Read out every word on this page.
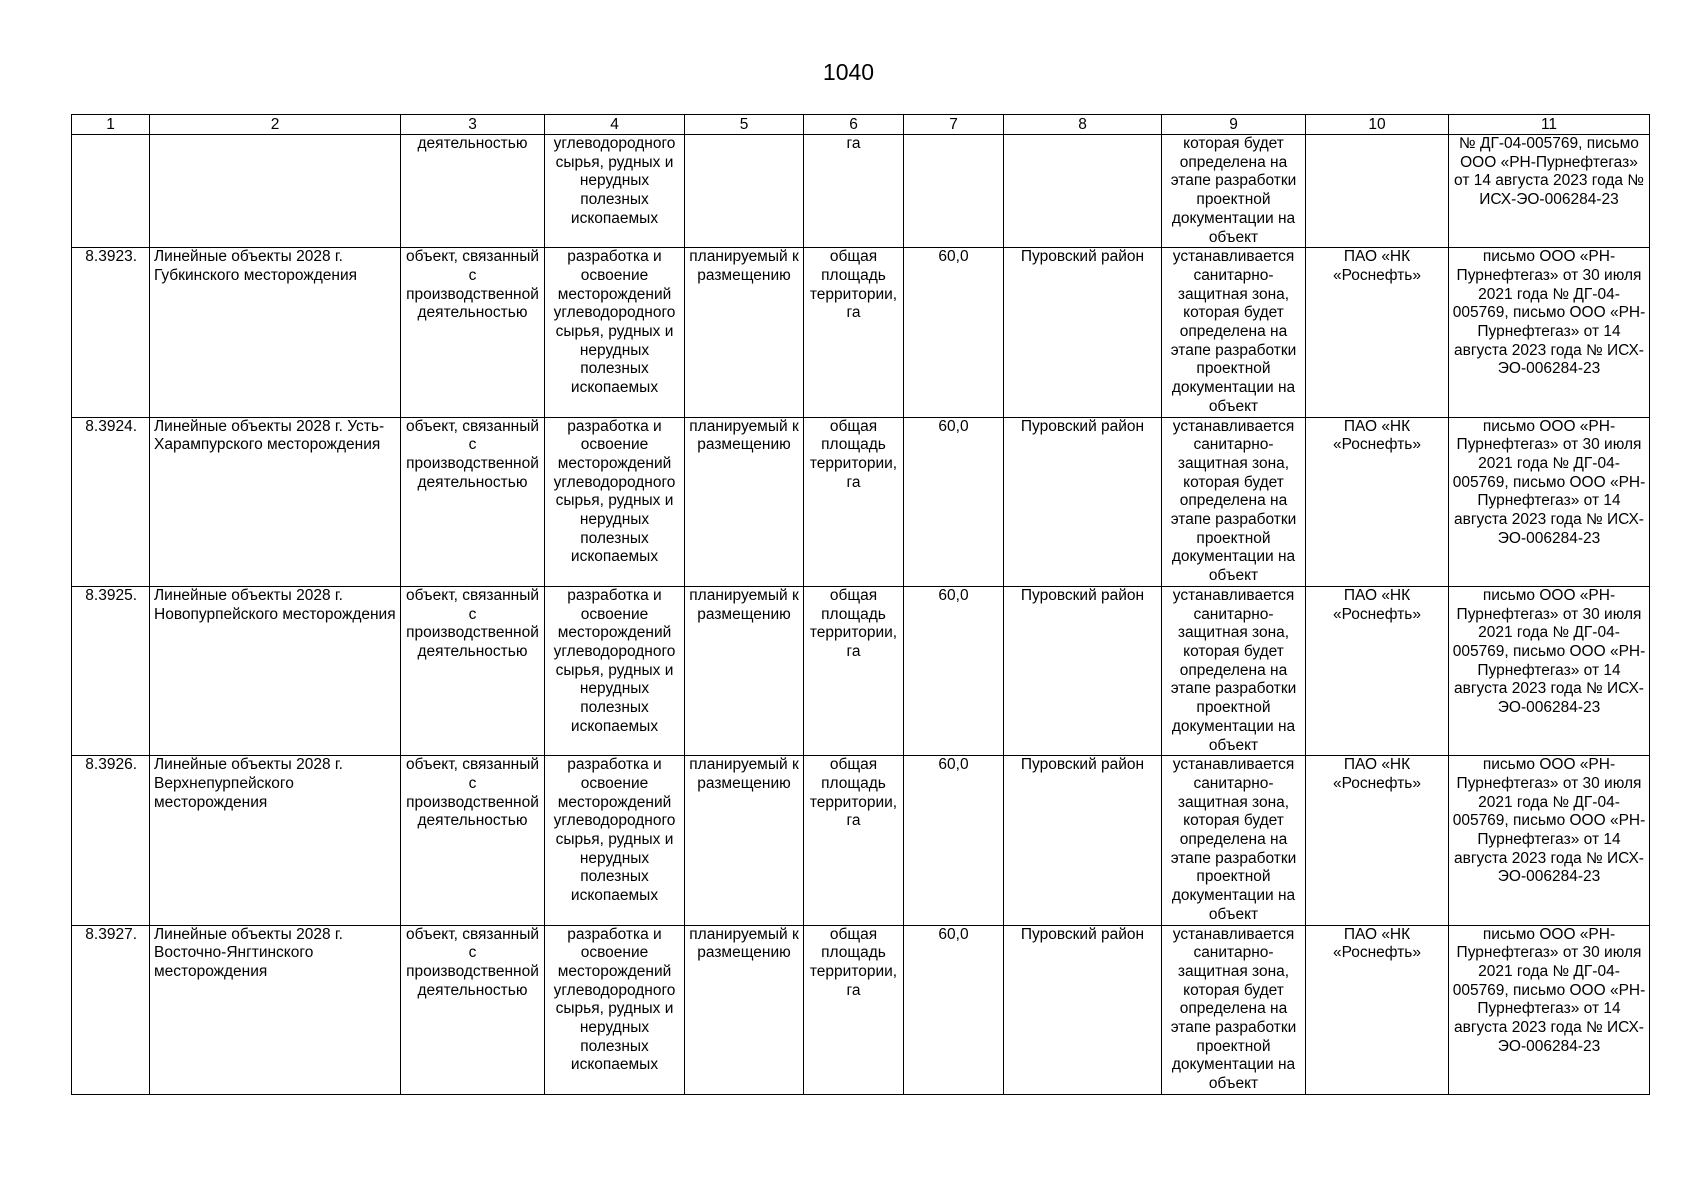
1040
1	2	3	4	5	6	7	8	9	10	11
		деятельностью	углеводородного сырья, рудных и нерудных полезных ископаемых		га			которая будет определена на этапе разработки проектной документации на объект		№ ДГ-04-005769, письмо ООО «РН-Пурнефтегаз» от 14 августа 2023 года № ИСХ-ЭО-006284-23
8.3923.	Линейные объекты 2028 г. Губкинского месторождения	объект, связанный с производственной деятельностью	разработка и освоение месторождений углеводородного сырья, рудных и нерудных полезных ископаемых	планируемый к размещению	общая площадь территории, га	60,0	Пуровский район	устанавливается санитарно-защитная зона, которая будет определена на этапе разработки проектной документации на объект	ПАО «НК «Роснефть»	письмо ООО «РН-Пурнефтегаз» от 30 июля 2021 года № ДГ-04-005769, письмо ООО «РН-Пурнефтегаз» от 14 августа 2023 года № ИСХ-ЭО-006284-23
8.3924.	Линейные объекты 2028 г. Усть-Харампурского месторождения	объект, связанный с производственной деятельностью	разработка и освоение месторождений углеводородного сырья, рудных и нерудных полезных ископаемых	планируемый к размещению	общая площадь территории, га	60,0	Пуровский район	устанавливается санитарно-защитная зона, которая будет определена на этапе разработки проектной документации на объект	ПАО «НК «Роснефть»	письмо ООО «РН-Пурнефтегаз» от 30 июля 2021 года № ДГ-04-005769, письмо ООО «РН-Пурнефтегаз» от 14 августа 2023 года № ИСХ-ЭО-006284-23
8.3925.	Линейные объекты 2028 г. Новопурпейского месторождения	объект, связанный с производственной деятельностью	разработка и освоение месторождений углеводородного сырья, рудных и нерудных полезных ископаемых	планируемый к размещению	общая площадь территории, га	60,0	Пуровский район	устанавливается санитарно-защитная зона, которая будет определена на этапе разработки проектной документации на объект	ПАО «НК «Роснефть»	письмо ООО «РН-Пурнефтегаз» от 30 июля 2021 года № ДГ-04-005769, письмо ООО «РН-Пурнефтегаз» от 14 августа 2023 года № ИСХ-ЭО-006284-23
8.3926.	Линейные объекты 2028 г. Верхнепурпейского месторождения	объект, связанный с производственной деятельностью	разработка и освоение месторождений углеводородного сырья, рудных и нерудных полезных ископаемых	планируемый к размещению	общая площадь территории, га	60,0	Пуровский район	устанавливается санитарно-защитная зона, которая будет определена на этапе разработки проектной документации на объект	ПАО «НК «Роснефть»	письмо ООО «РН-Пурнефтегаз» от 30 июля 2021 года № ДГ-04-005769, письмо ООО «РН-Пурнефтегаз» от 14 августа 2023 года № ИСХ-ЭО-006284-23
8.3927.	Линейные объекты 2028 г. Восточно-Янгтинского месторождения	объект, связанный с производственной деятельностью	разработка и освоение месторождений углеводородного сырья, рудных и нерудных полезных ископаемых	планируемый к размещению	общая площадь территории, га	60,0	Пуровский район	устанавливается санитарно-защитная зона, которая будет определена на этапе разработки проектной документации на объект	ПАО «НК «Роснефть»	письмо ООО «РН-Пурнефтегаз» от 30 июля 2021 года № ДГ-04-005769, письмо ООО «РН-Пурнефтегаз» от 14 августа 2023 года № ИСХ-ЭО-006284-23
